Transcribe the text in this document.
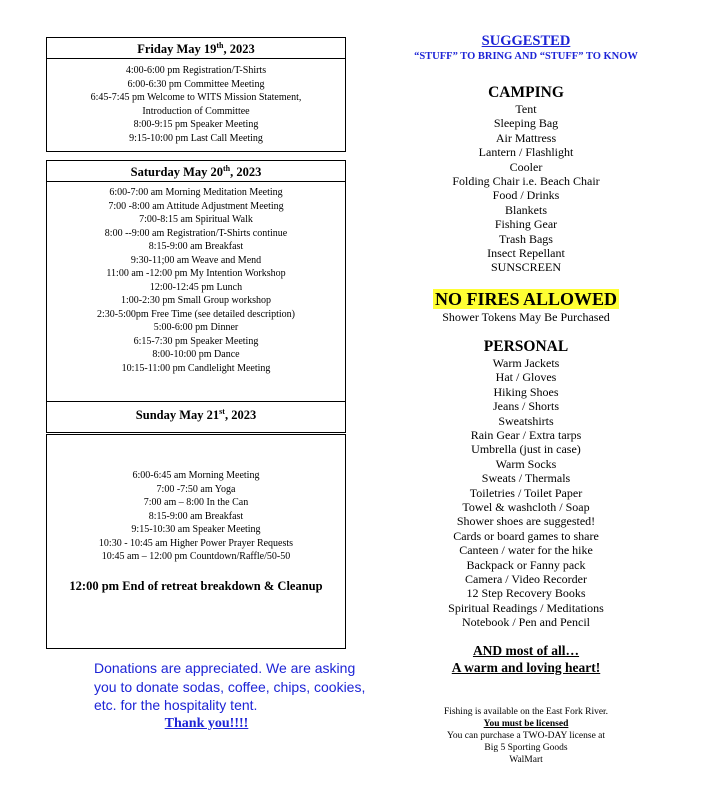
Friday May 19th, 2023
4:00-6:00 pm Registration/T-Shirts
6:00-6:30 pm Committee Meeting
6:45-7:45 pm Welcome to WITS Mission Statement, Introduction of Committee
8:00-9:15 pm Speaker Meeting
9:15-10:00 pm Last Call Meeting
Saturday May 20th, 2023
6:00-7:00 am Morning Meditation Meeting
7:00 -8:00 am Attitude Adjustment Meeting
7:00-8:15 am Spiritual Walk
8:00 --9:00 am Registration/T-Shirts continue
8:15-9:00 am Breakfast
9:30-11;00 am Weave and Mend
11:00 am -12:00 pm My Intention Workshop
12:00-12:45 pm Lunch
1:00-2:30 pm Small Group workshop
2:30-5:00pm Free Time (see detailed description)
5:00-6:00 pm Dinner
6:15-7:30 pm Speaker Meeting
8:00-10:00 pm Dance
10:15-11:00 pm Candlelight Meeting
Sunday May 21st, 2023
6:00-6:45 am Morning Meeting
7:00 -7:50 am Yoga
7:00 am – 8:00 In the Can
8:15-9:00 am Breakfast
9:15-10:30 am Speaker Meeting
10:30 - 10:45 am Higher Power Prayer Requests
10:45 am – 12:00 pm Countdown/Raffle/50-50
12:00 pm End of retreat breakdown & Cleanup
Donations are appreciated. We are asking you to donate sodas, coffee, chips, cookies, etc. for the hospitality tent.
Thank you!!!!
SUGGESTED
“STUFF” TO BRING AND “STUFF” TO KNOW
CAMPING
Tent
Sleeping Bag
Air Mattress
Lantern / Flashlight
Cooler
Folding Chair i.e. Beach Chair
Food / Drinks
Blankets
Fishing Gear
Trash Bags
Insect Repellant
SUNSCREEN
NO FIRES ALLOWED
Shower Tokens May Be Purchased
PERSONAL
Warm Jackets
Hat / Gloves
Hiking Shoes
Jeans / Shorts
Sweatshirts
Rain Gear / Extra tarps
Umbrella (just in case)
Warm Socks
Sweats / Thermals
Toiletries / Toilet Paper
Towel & washcloth / Soap
Shower shoes are suggested!
Cards or board games to share
Canteen / water for the hike
Backpack or Fanny pack
Camera / Video Recorder
12 Step Recovery Books
Spiritual Readings / Meditations
Notebook / Pen and Pencil
AND most of all…
A warm and loving heart!
Fishing is available on the East Fork River.
You must be licensed
You can purchase a TWO-DAY license at
Big 5 Sporting Goods
WalMart
